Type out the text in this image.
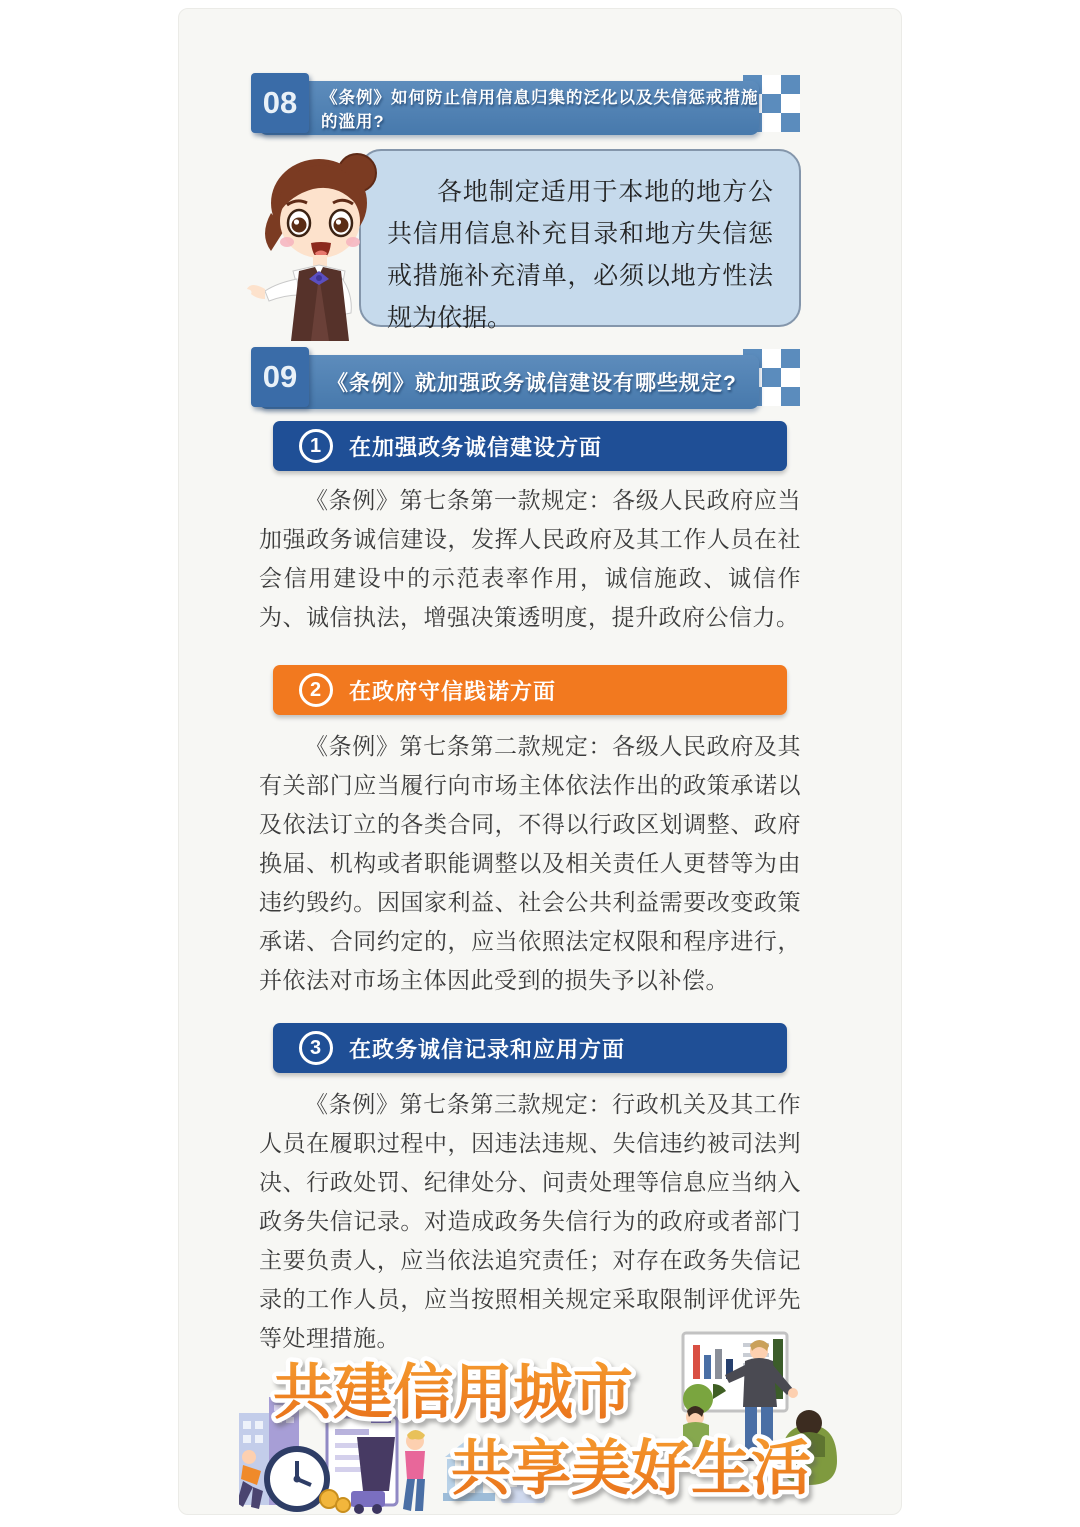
08 《条例》如何防止信用信息归集的泛化以及失信惩戒措施的滥用?
各地制定适用于本地的地方公共信用信息补充目录和地方失信惩戒措施补充清单，必须以地方性法规为依据。
09 《条例》就加强政务诚信建设有哪些规定?
1 在加强政务诚信建设方面
《条例》第七条第一款规定：各级人民政府应当加强政务诚信建设，发挥人民政府及其工作人员在社会信用建设中的示范表率作用，诚信施政、诚信作为、诚信执法，增强决策透明度，提升政府公信力。
2 在政府守信践诺方面
《条例》第七条第二款规定：各级人民政府及其有关部门应当履行向市场主体依法作出的政策承诺以及依法订立的各类合同，不得以行政区划调整、政府换届、机构或者职能调整以及相关责任人更替等为由违约毁约。因国家利益、社会公共利益需要改变政策承诺、合同约定的，应当依照法定权限和程序进行，并依法对市场主体因此受到的损失予以补偿。
3 在政务诚信记录和应用方面
《条例》第七条第三款规定：行政机关及其工作人员在履职过程中，因违法违规、失信违约被司法判决、行政处罚、纪律处分、问责处理等信息应当纳入政务失信记录。对造成政务失信行为的政府或者部门主要负责人，应当依法追究责任；对存在政务失信记录的工作人员，应当按照相关规定采取限制评优评先等处理措施。
共建信用城市
共享美好生活
